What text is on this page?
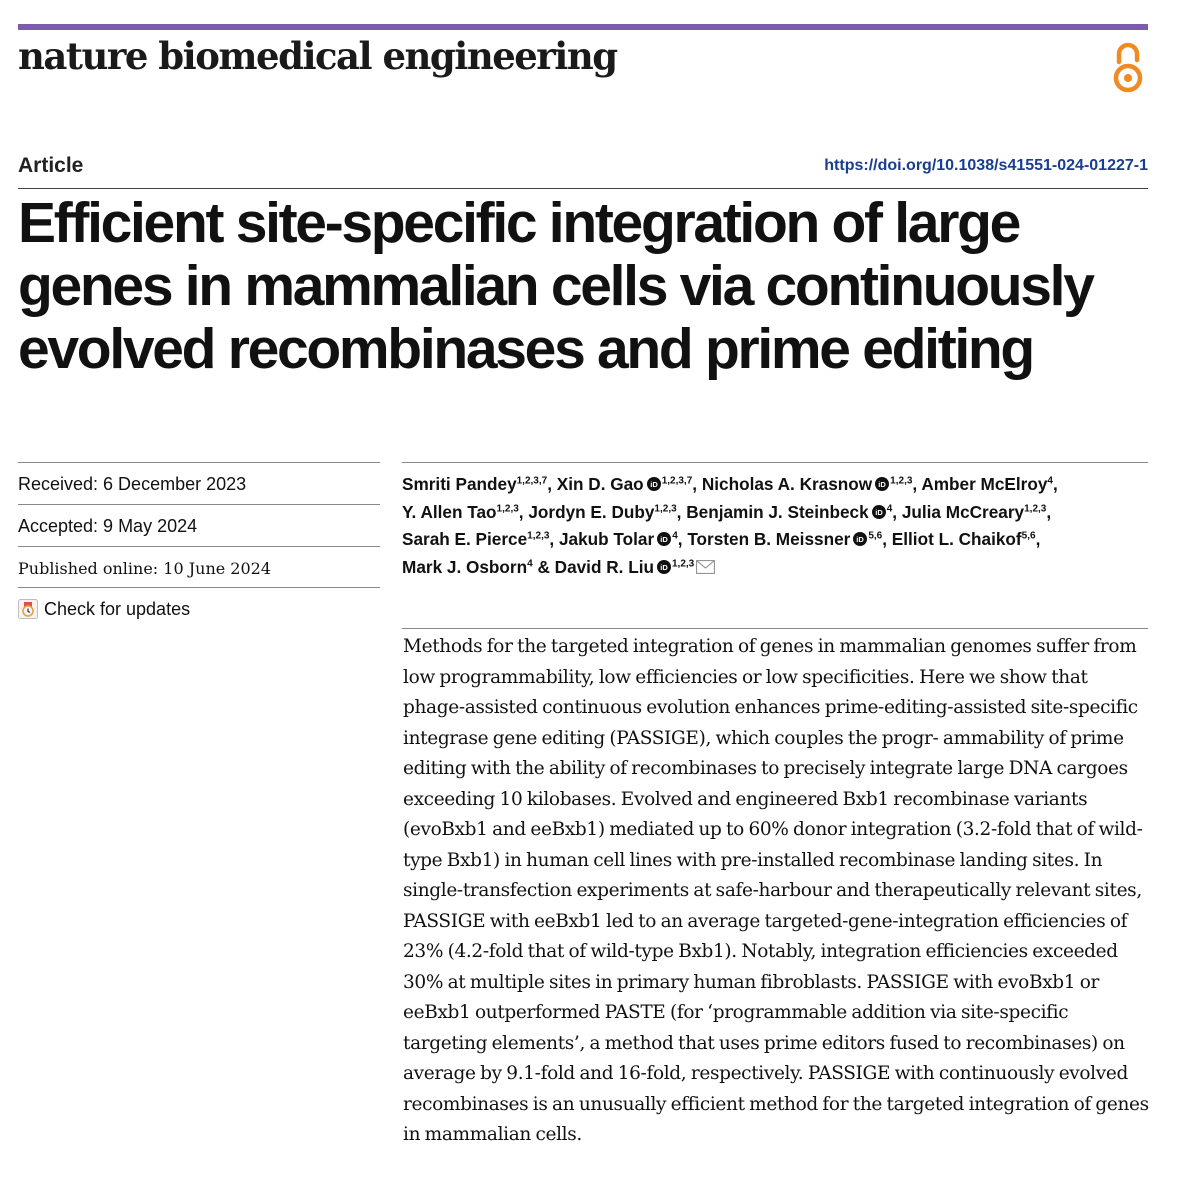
nature biomedical engineering
Article	https://doi.org/10.1038/s41551-024-01227-1
Efficient site-specific integration of large genes in mammalian cells via continuously evolved recombinases and prime editing
Received: 6 December 2023
Accepted: 9 May 2024
Published online: 10 June 2024
Check for updates
Smriti Pandey$^{1,2,3,7}$, Xin D. Gao iD $^{1,2,3,7}$, Nicholas A. Krasnow iD $^{1,2,3}$, Amber McElroy$^4$, Y. Allen Tao$^{1,2,3}$, Jordyn E. Duby$^{1,2,3}$, Benjamin J. Steinbeck iD $^4$, Julia McCreary$^{1,2,3}$, Sarah E. Pierce$^{1,2,3}$, Jakub Tolar iD $^4$, Torsten B. Meissner iD $^{5,6}$, Elliot L. Chaikof$^{5,6}$, Mark J. Osborn$^4$ & David R. Liu iD $^{1,2,3}$

Methods for the targeted integration of genes in mammalian genomes suffer from low programmability, low efficiencies or low specificities. Here we show that phage-assisted continuous evolution enhances prime-editing-assisted site-specific integrase gene editing (PASSIGE), which couples the progr- ammability of prime editing with the ability of recombinases to precisely integrate large DNA cargoes exceeding 10 kilobases. Evolved and engineered Bxb1 recombinase variants (evoBxb1 and eeBxb1) mediated up to 60% donor integration (3.2-fold that of wild-type Bxb1) in human cell lines with pre-installed recombinase landing sites. In single-transfection experiments at safe-harbour and therapeutically relevant sites, PASSIGE with eeBxb1 led to an average targeted-gene-integration efficiencies of 23% (4.2-fold that of wild-type Bxb1). Notably, integration efficiencies exceeded 30% at multiple sites in primary human fibroblasts. PASSIGE with evoBxb1 or eeBxb1 outperformed PASTE (for ‘programmable addition via site-specific targeting elements’, a method that uses prime editors fused to recombinases) on average by 9.1-fold and 16-fold, respectively. PASSIGE with continuously evolved recombinases is an unusually efficient method for the targeted integration of genes in mammalian cells.
